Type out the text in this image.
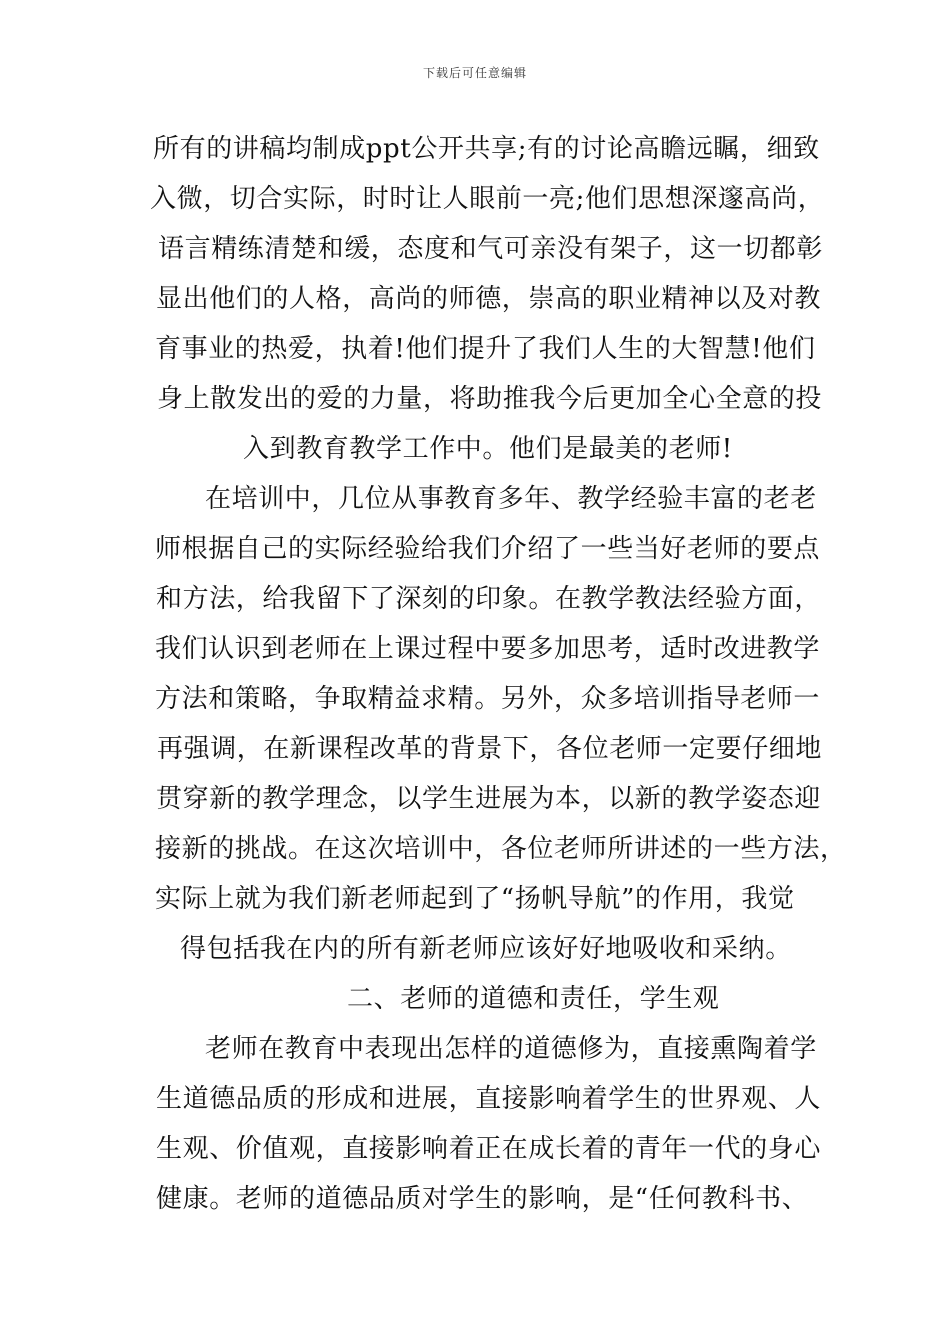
下载后可任意编辑
所有的讲稿均制成ppt公开共享;有的讨论高瞻远瞩，细致
入微，切合实际，时时让人眼前一亮;他们思想深邃高尚，
语言精练清楚和缓，态度和气可亲没有架子，这一切都彰
显出他们的人格，高尚的师德，崇高的职业精神以及对教
育事业的热爱，执着!他们提升了我们人生的大智慧!他们
身上散发出的爱的力量，将助推我今后更加全心全意的投
入到教育教学工作中。他们是最美的老师!
在培训中，几位从事教育多年、教学经验丰富的老老
师根据自己的实际经验给我们介绍了一些当好老师的要点
和方法，给我留下了深刻的印象。在教学教法经验方面，
我们认识到老师在上课过程中要多加思考，适时改进教学
方法和策略，争取精益求精。另外，众多培训指导老师一
再强调，在新课程改革的背景下，各位老师一定要仔细地
贯穿新的教学理念，以学生进展为本，以新的教学姿态迎
接新的挑战。在这次培训中，各位老师所讲述的一些方法，
实际上就为我们新老师起到了“扬帆导航”的作用，我觉
得包括我在内的所有新老师应该好好地吸收和采纳。
二、老师的道德和责任，学生观
老师在教育中表现出怎样的道德修为，直接熏陶着学
生道德品质的形成和进展，直接影响着学生的世界观、人
生观、价值观，直接影响着正在成长着的青年一代的身心
健康。老师的道德品质对学生的影响，是“任何教科书、
